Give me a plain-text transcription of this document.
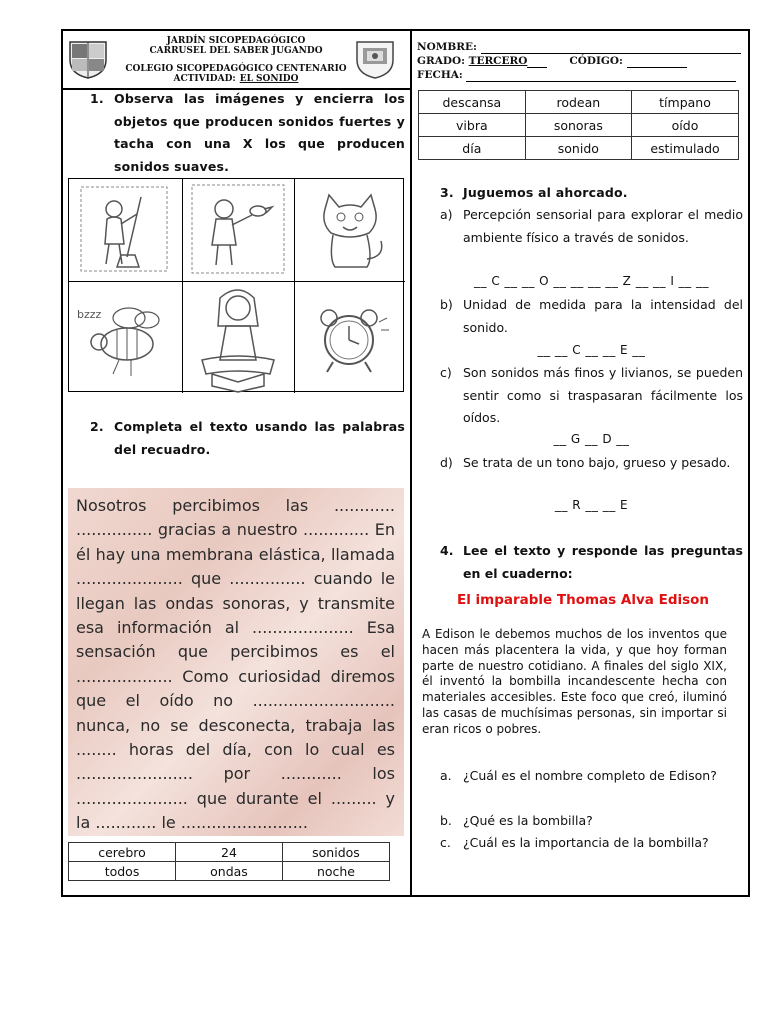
JARDÍN SICOPEDAGÓGICO
CARRUSEL DEL SABER JUGANDO
COLEGIO SICOPEDAGÓGICO CENTENARIO
ACTIVIDAD: EL SONIDO
NOMBRE:
GRADO: TERCERO	CÓDIGO:
FECHA:
descansa	rodean	tímpano
vibra	sonoras	oído
día	sonido	estimulado
1. Observa las imágenes y encierra los objetos que producen sonidos fuertes y tacha con una X los que producen sonidos suaves.
bzzz
2. Completa el texto usando las palabras del recuadro.

Nosotros percibimos las ............ ............... gracias a nuestro ............. En él hay una membrana elástica, llamada ..................... que ............... cuando le llegan las ondas sonoras, y transmite esa información al .................... Esa sensación que percibimos es el ................... Como curiosidad diremos que el oído no ............................ nunca, no se desconecta, trabaja las ........ horas del día, con lo cual es ....................... por ............ los ...................... que durante el ......... y la ............ le .........................

cerebro	24	sonidos
todos	ondas	noche
3. Juguemos al ahorcado.
a) Percepción sensorial para explorar el medio ambiente físico a través de sonidos.
__ C __ __ O __ __ __ __ Z __ __ I __ __
b) Unidad de medida para la intensidad del sonido.
__ __ C __ __ E __
c) Son sonidos más finos y livianos, se pueden sentir como si traspasaran fácilmente los oídos.
__ G __ D __
d) Se trata de un tono bajo, grueso y pesado.
__ R __ __ E
4. Lee el texto y responde las preguntas en el cuaderno:
El imparable Thomas Alva Edison
A Edison le debemos muchos de los inventos que hacen más placentera la vida, y que hoy forman parte de nuestro cotidiano. A finales del siglo XIX, él inventó la bombilla incandescente hecha con materiales accesibles. Este foco que creó, iluminó las casas de muchísimas personas, sin importar si eran ricos o pobres.
a. ¿Cuál es el nombre completo de Edison?
b. ¿Qué es la bombilla?
c. ¿Cuál es la importancia de la bombilla?
